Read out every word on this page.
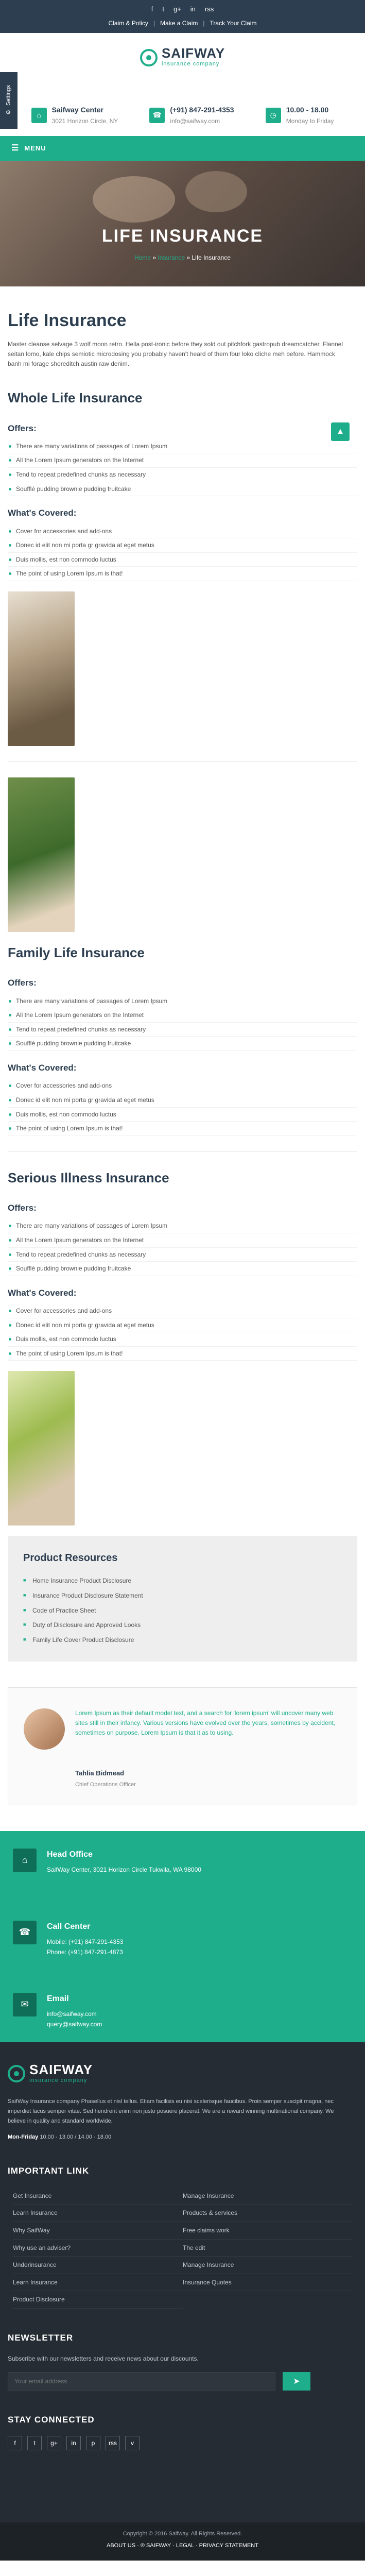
f t g+ in rss
Claim & Policy | Make a Claim | Track Your Claim
⚙
Settings
SAIFWAY
insurance company
⌂
Saifway Center
3021 Horizon Circle, NY
☎
(+91) 847-291-4353
info@saifway.com
◷
10.00 - 18.00
Monday to Friday
☰ MENU
LIFE INSURANCE
Home » Insurance » Life Insurance
Life Insurance

Master cleanse selvage 3 wolf moon retro. Hella post-ironic before they sold out pitchfork gastropub dreamcatcher. Flannel seitan lomo, kale chips semiotic microdosing you probably haven't heard of them four loko cliche meh before. Hammock banh mi forage shoreditch austin raw denim.

▲
Whole Life Insurance
Offers:
There are many variations of passages of Lorem Ipsum
All the Lorem Ipsum generators on the Internet
Tend to repeat predefined chunks as necessary
Soufflé pudding brownie pudding fruitcake
What's Covered:
Cover for accessories and add-ons
Donec id elit non mi porta gr gravida at eget metus
Duis mollis, est non commodo luctus
The point of using Lorem Ipsum is that!
Family Life Insurance
Offers:
There are many variations of passages of Lorem Ipsum
All the Lorem Ipsum generators on the Internet
Tend to repeat predefined chunks as necessary
Soufflé pudding brownie pudding fruitcake
What's Covered:
Cover for accessories and add-ons
Donec id elit non mi porta gr gravida at eget metus
Duis mollis, est non commodo luctus
The point of using Lorem Ipsum is that!
Serious Illness Insurance
Offers:
There are many variations of passages of Lorem Ipsum
All the Lorem Ipsum generators on the Internet
Tend to repeat predefined chunks as necessary
Soufflé pudding brownie pudding fruitcake
What's Covered:
Cover for accessories and add-ons
Donec id elit non mi porta gr gravida at eget metus
Duis mollis, est non commodo luctus
The point of using Lorem Ipsum is that!
Product Resources
■ Home Insurance Product Disclosure
■ Insurance Product Disclosure Statement
■ Code of Practice Sheet
■ Duty of Disclosure and Approved Looks
■ Family Life Cover Product Disclosure

Lorem Ipsum as their default model text, and a search for 'lorem ipsum' will uncover many web sites still in their infancy. Various versions have evolved over the years, sometimes by accident, sometimes on purpose. Lorem Ipsum is that it as to using.

Tahlia Bidmead
Chief Operations Officer
⌂
Head Office

SaifWay Center, 3021 Horizon Circle Tukwila, WA 98000

☎
Call Center

Mobile: (+91) 847-291-4353

Phone: (+91) 847-291-4873

✉
Email

info@saifway.com

query@saifway.com

SAIFWAY
insurance company

SaifWay Insurance company Phasellus et nisl tellus. Etiam facilisis eu nisi scelerisque faucibus. Proin semper suscipit magna, nec imperdiet lacus semper vitae. Sed hendrerit enim non justo posuere placerat. We are a reward winning multinational company. We believe in quality and standard worldwide.

Mon-Friday 10.00 - 13.00 / 14.00 - 18.00

IMPORTANT LINK
Get Insurance
Learn Insurance
Why SaifWay
Why use an adviser?
Underinsurance
Learn Insurance
Product Disclosure
Manage Insurance
Products & services
Free claims work
The edit
Manage Insurance
Insurance Quotes
NEWSLETTER

Subscribe with our newsletters and receive news about our discounts.

Your email address
➤
STAY CONNECTED
f	t	g+	in	p	rss	v
Copyright © 2016 Saifway. All Rights Reserved.
ABOUT US · ® SAIFWAY · LEGAL · PRIVACY STATEMENT
